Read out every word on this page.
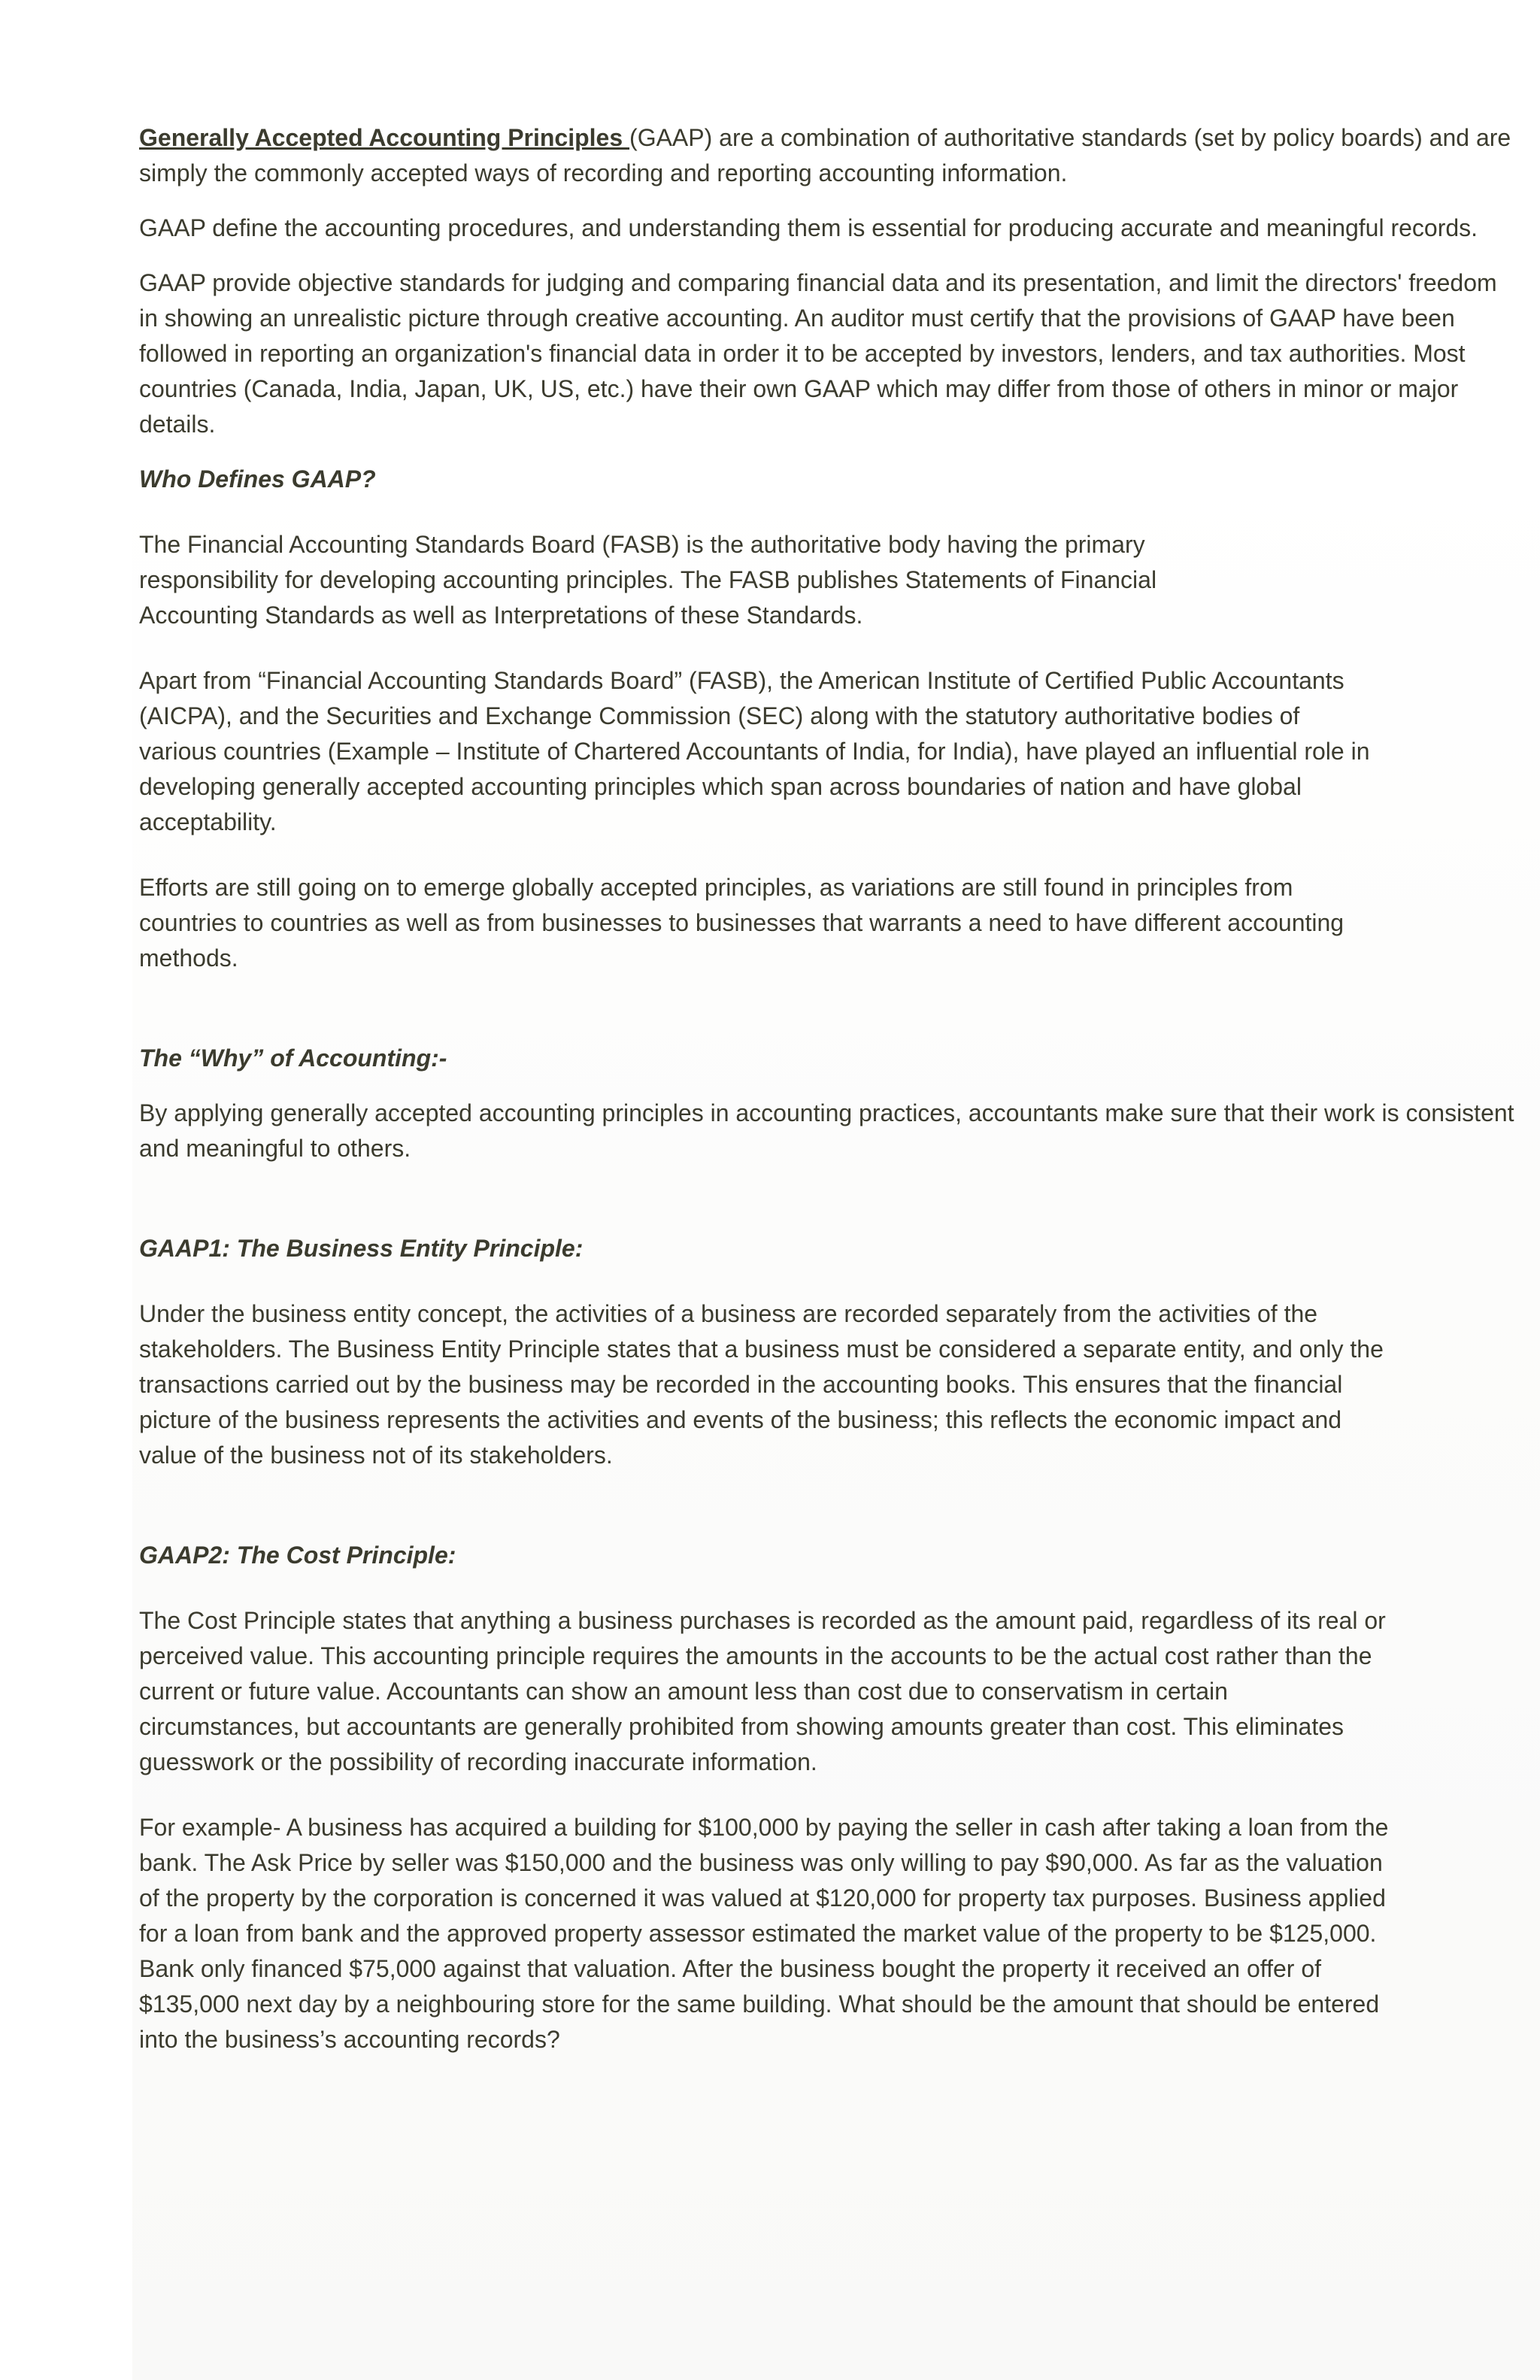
Generally Accepted Accounting Principles (GAAP) are a combination of authoritative standards (set by policy boards) and are simply the commonly accepted ways of recording and reporting accounting information.

GAAP define the accounting procedures, and understanding them is essential for producing accurate and meaningful records.

GAAP provide objective standards for judging and comparing financial data and its presentation, and limit the directors' freedom in showing an unrealistic picture through creative accounting. An auditor must certify that the provisions of GAAP have been followed in reporting an organization's financial data in order it to be accepted by investors, lenders, and tax authorities. Most countries (Canada, India, Japan, UK, US, etc.) have their own GAAP which may differ from those of others in minor or major details.

Who Defines GAAP?

The Financial Accounting Standards Board (FASB) is the authoritative body having the primary responsibility for developing accounting principles. The FASB publishes Statements of Financial Accounting Standards as well as Interpretations of these Standards.

Apart from “Financial Accounting Standards Board” (FASB), the American Institute of Certified Public Accountants (AICPA), and the Securities and Exchange Commission (SEC) along with the statutory authoritative bodies of various countries (Example – Institute of Chartered Accountants of India, for India), have played an influential role in developing generally accepted accounting principles which span across boundaries of nation and have global acceptability.

Efforts are still going on to emerge globally accepted principles, as variations are still found in principles from countries to countries as well as from businesses to businesses that warrants a need to have different accounting methods.

The “Why” of Accounting:-

By applying generally accepted accounting principles in accounting practices, accountants make sure that their work is consistent and meaningful to others.

GAAP1: The Business Entity Principle:

Under the business entity concept, the activities of a business are recorded separately from the activities of the stakeholders. The Business Entity Principle states that a business must be considered a separate entity, and only the transactions carried out by the business may be recorded in the accounting books. This ensures that the financial picture of the business represents the activities and events of the business; this reflects the economic impact and value of the business not of its stakeholders.

GAAP2: The Cost Principle:

The Cost Principle states that anything a business purchases is recorded as the amount paid, regardless of its real or perceived value. This accounting principle requires the amounts in the accounts to be the actual cost rather than the current or future value. Accountants can show an amount less than cost due to conservatism in certain circumstances, but accountants are generally prohibited from showing amounts greater than cost. This eliminates guesswork or the possibility of recording inaccurate information.

For example- A business has acquired a building for $100,000 by paying the seller in cash after taking a loan from the bank. The Ask Price by seller was $150,000 and the business was only willing to pay $90,000. As far as the valuation of the property by the corporation is concerned it was valued at $120,000 for property tax purposes. Business applied for a loan from bank and the approved property assessor estimated the market value of the property to be $125,000. Bank only financed $75,000 against that valuation. After the business bought the property it received an offer of $135,000 next day by a neighbouring store for the same building. What should be the amount that should be entered into the business’s accounting records?
